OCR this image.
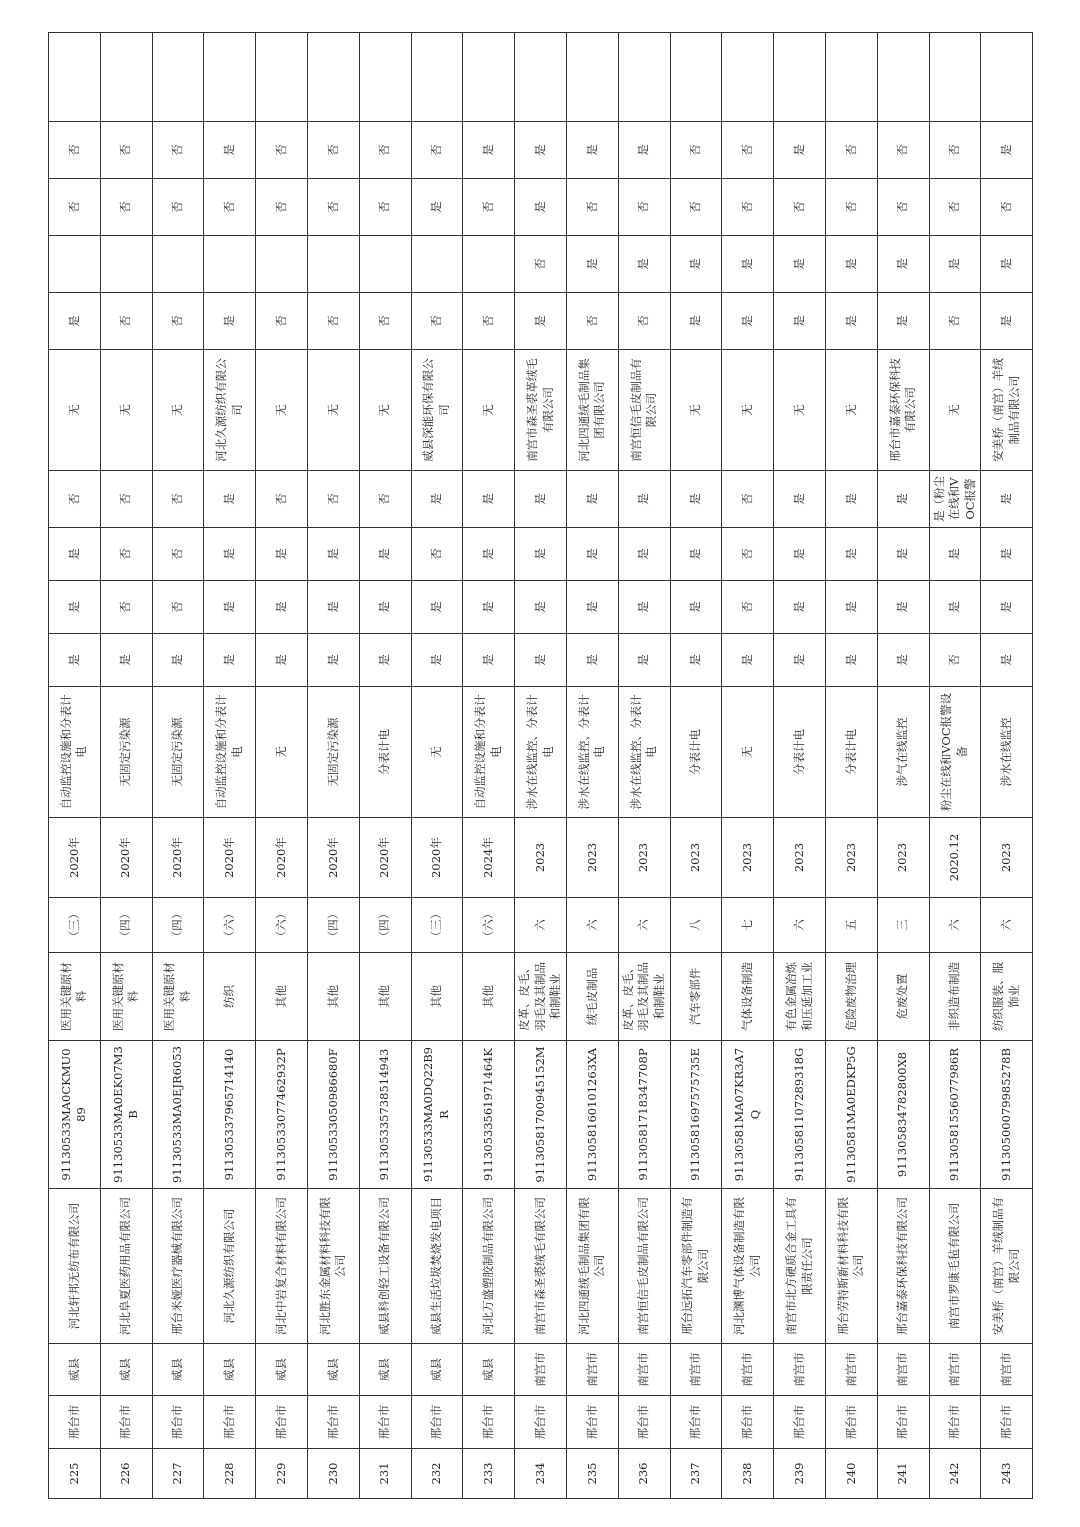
225	邢台市	威县	河北轩邦无纺布有限公司	91130533MA0CKMU089	医用关键原材料	（三）	2020年	自动监控设施和分表计电	是	是	是	否	无	是		否	否	
226	邢台市	威县	河北阜夏医药用品有限公司	91130533MA0EK07M3B	医用关键原材料	（四）	2020年	无固定污染源	是	否	否	否	无	否		否	否	
227	邢台市	威县	邢台米娅医疗器械有限公司	91130533MA0EJR6053	医用关键原材料	（四）	2020年	无固定污染源	是	否	否	否	无	否		否	否	
228	邢台市	威县	河北久源纺织有限公司	91130533796571​4140	纺织	（六）	2020年	自动监控设施和分表计电	是	是	是	是	河北久源纺织有限公司	是		否	是	
229	邢台市	威县	河北中岩复合材料有限公司	91130533077462932P	其他	（六）	2020年	无	是	是	是	否	无	否		否	否	
230	邢台市	威县	河北胜东金属材料科技有限公司	91130533050986680F	其他	（四）	2020年	无固定污染源	是	是	是	否	无	否		否	否	
231	邢台市	威县	威县科创轻工设备有限公司	91130533573851​4943	其他	（四）	2020年	分表计电	是	是	是	否	无	否		否	否	
232	邢台市	威县	威县生活垃圾焚烧发电项目	91130533MA0DQ22B9R	其他	（三）	2020年	无	是	是	否	是	威县深能环保有限公司	否		是	否	
233	邢台市	威县	河北万盛塑胶制品有限公司	91130533561971464K	其他	（六）	2024年	自动监控设施和分表计电	是	是	是	是	无	否		否	是	
234	邢台市	南宫市	南宫市森圣裘绒毛有限公司	91130581700945152M	皮革、皮毛、羽毛及其制品和制鞋业	六	2023	涉水在线监控、分表计电	是	是	是	是	南宫市森圣裘革绒毛有限公司	是	否	是	是	
235	邢台市	南宫市	河北四通绒毛制品集团有限公司	91130581601012​63XA	绒毛皮制品	六	2023	涉水在线监控、分表计电	是	是	是	是	河北四通绒毛制品集团有限公司	否	是	否	是	
236	邢台市	南宫市	南宫恒信毛皮制品有限公司	91130581718347708P	皮革、皮毛、羽毛及其制品和制鞋业	六	2023	涉水在线监控、分表计电	是	是	是	是	南宫恒信毛皮制品有限公司	否	是	否	是	
237	邢台市	南宫市	邢台远拓汽车零部件制造有限公司	91130581697575735E	汽车零部件	八	2023	分表计电	是	是	是	是	无	是	是	否	否	
238	邢台市	南宫市	河北渊博气体设备制造有限公司	91130581MA07KR3A7Q	气体设备制造	七	2023	无	是	否	否	否	无	是	是	否	否	
239	邢台市	南宫市	南宫市北方硬质合金工具有限责任公司	9113058110728931​8G	有色金属冶炼和压延加工业	六	2023	分表计电	是	是	是	是	无	是	是	否	是	
240	邢台市	南宫市	邢台劳特斯新材料科技有限公司	91130581MA0EDKP5G	危险废物治理	五	2023	分表计电	是	是	是	是	无	是	是	否	否	
241	邢台市	南宫市	邢台嘉泰环保科技有限公司	91130583478280​0X8	危废处置	三	2023	涉气在线监控	是	是	是	是	邢台市嘉泰环保科技有限公司	是	是	否	否	
242	邢台市	南宫市	南宫市罗康毛毡有限公司	91130581556077986R	非织造布制造	六	2020.12	粉尘在线和VOC报警设备	否	是	是	是（粉尘在线和VOC报警	无	否	是	否	否	
243	邢台市	南宫市	安美桥（南宫）羊绒制品有限公司	91130500079985278B	纺织服装、服饰业	六	2023	涉水在线监控	是	是	是	是	安美桥（南宫）羊绒制品有限公司	是	是	否	是	
